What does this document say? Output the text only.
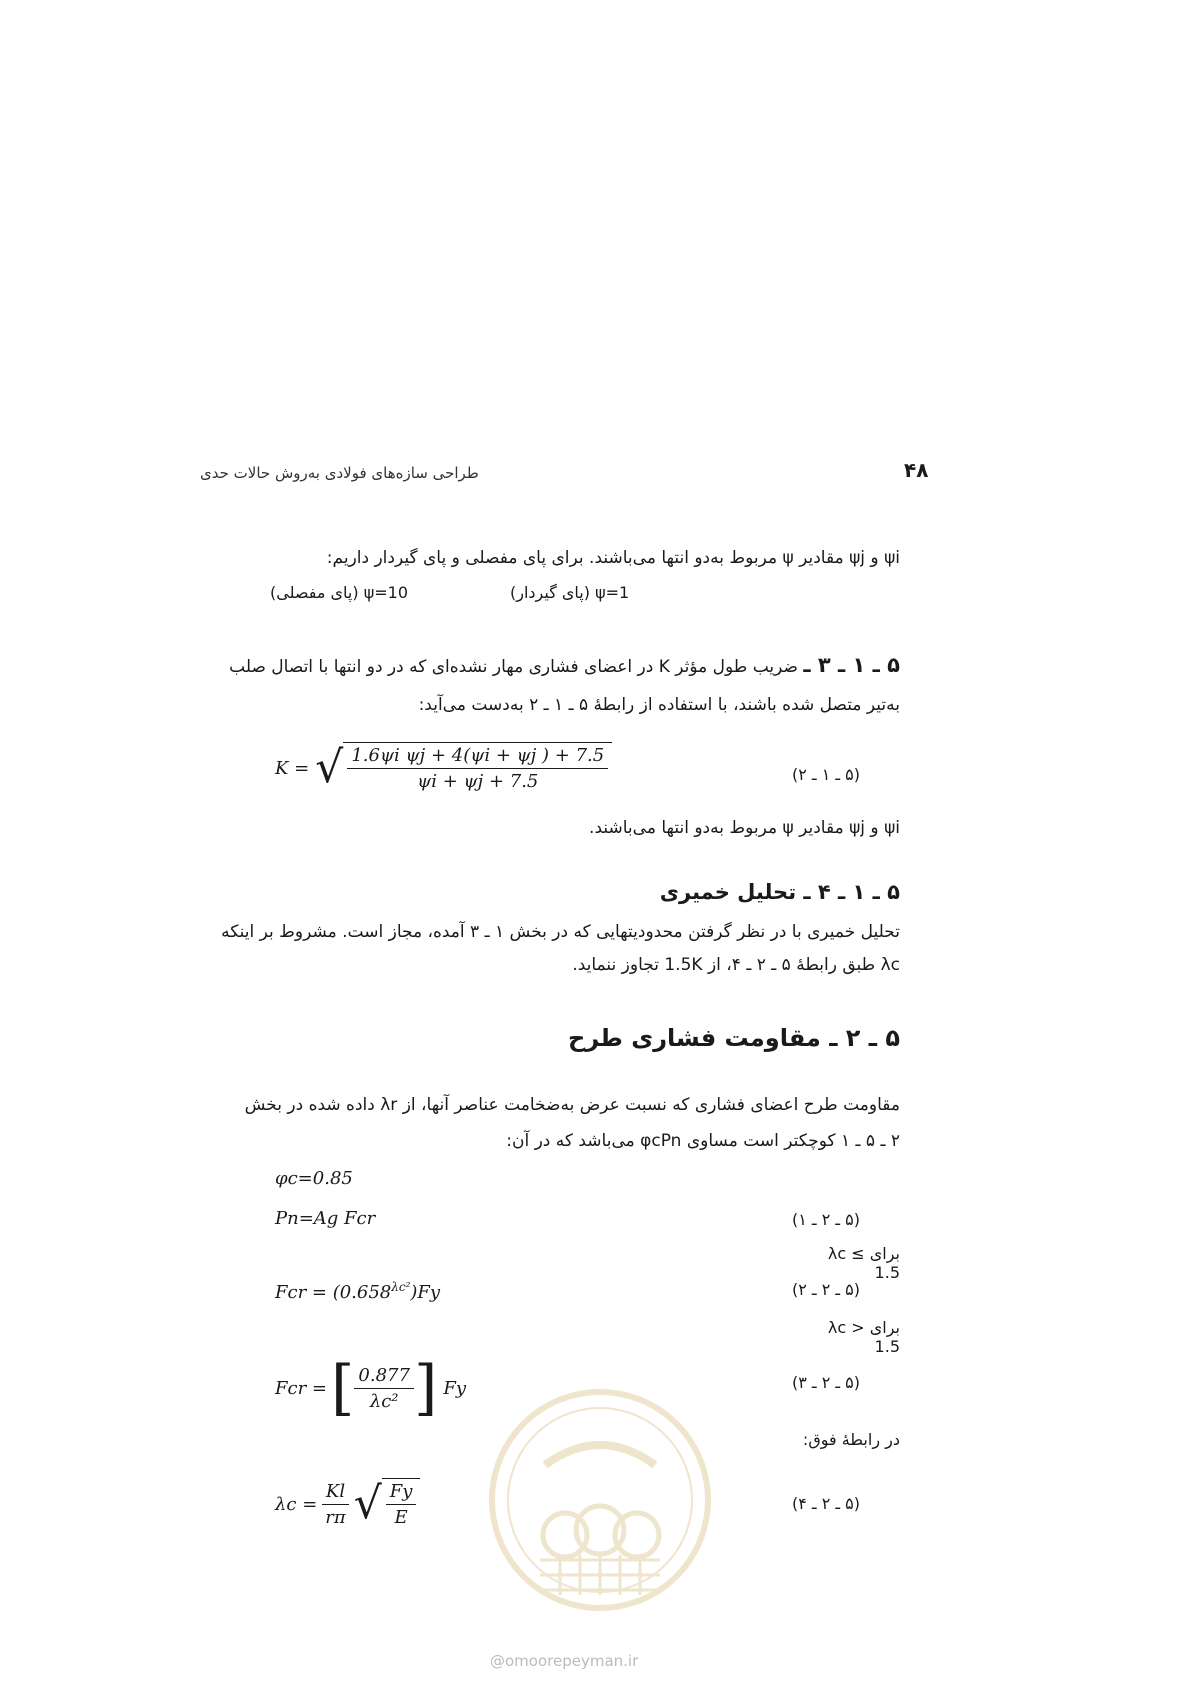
۴۸
طراحی سازه‌های فولادی به‌روش حالات حدی
ψi و ψj مقادیر ψ مربوط به‌دو انتها می‌باشند. برای پای مفصلی و پای گیردار داریم:
ψ=1 (پای گیردار)
ψ=10 (پای مفصلی)
۵ ـ ۱ ـ ۳ ـ ضریب طول مؤثر K در اعضای فشاری مهار نشده‌ای که در دو انتها با اتصال صلب
به‌تیر متصل شده باشند، با استفاده از رابطهٔ ۵ ـ ۱ ـ ۲ به‌دست می‌آید:
K = √ $\frac{\text{1.6ψi ψj + 4(ψi + ψj ) + 7.5}}{\psi i + \psi j + 7.5}$	(۵ ـ ۱ ـ ۲)
ψi و ψj مقادیر ψ مربوط به‌دو انتها می‌باشند.
۵ ـ ۱ ـ ۴ ـ تحلیل خمیری
تحلیل خمیری با در نظر گرفتن محدودیتهایی که در بخش ۱ ـ ۳ آمده، مجاز است. مشروط بر اینکه
λc طبق رابطهٔ ۵ ـ ۲ ـ ۴، از 1.5K تجاوز ننماید.
۵ ـ ۲ ـ مقاومت فشاری طرح
مقاومت طرح اعضای فشاری که نسبت عرض به‌ضخامت عناصر آنها، از λr داده شده در بخش
۲ ـ ۵ ـ ۱ کوچکتر است مساوی φcPn می‌باشد که در آن:
φc=0.85
Pn=Ag Fcr	(۵ ـ ۲ ـ ۱)
برای λc ≤ 1.5
Fcr = $(0.658^{\lambda c^2})Fy$	(۵ ـ ۲ ـ ۲)
برای λc > 1.5
Fcr = [ $\frac{0.877}{\text{λc²}}$ ] Fy	(۵ ـ ۲ ـ ۳)
در رابطهٔ فوق:
$\lambda c = \frac{Kl}{r\pi}$ √ $\frac{Fy}{E}$	(۵ ـ ۲ ـ ۴)
@omoorepeyman.ir
